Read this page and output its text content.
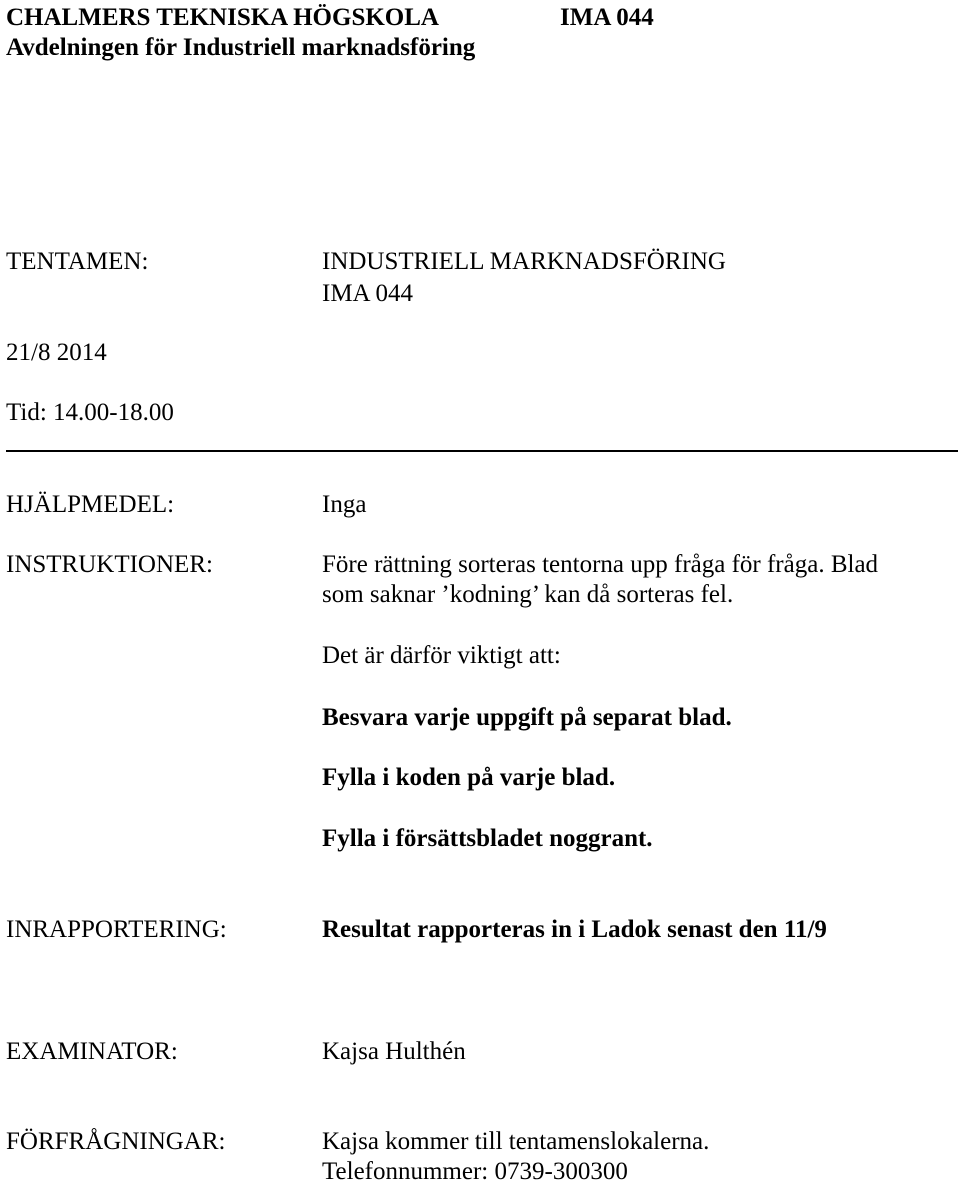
CHALMERS TEKNISKA HÖGSKOLA	IMA 044
Avdelningen för Industriell marknadsföring
TENTAMEN:	INDUSTRIELL MARKNADSFÖRING
IMA 044
21/8 2014
Tid: 14.00-18.00
HJÄLPMEDEL:	Inga
INSTRUKTIONER:	Före rättning sorteras tentorna upp fråga för fråga. Blad
som saknar ’kodning’ kan då sorteras fel.
Det är därför viktigt att:
Besvara varje uppgift på separat blad.
Fylla i koden på varje blad.
Fylla i försättsbladet noggrant.
INRAPPORTERING:	Resultat rapporteras in i Ladok senast den 11/9
EXAMINATOR:	Kajsa Hulthén
FÖRFRÅGNINGAR:	Kajsa kommer till tentamenslokalerna.
Telefonnummer: 0739-300300
